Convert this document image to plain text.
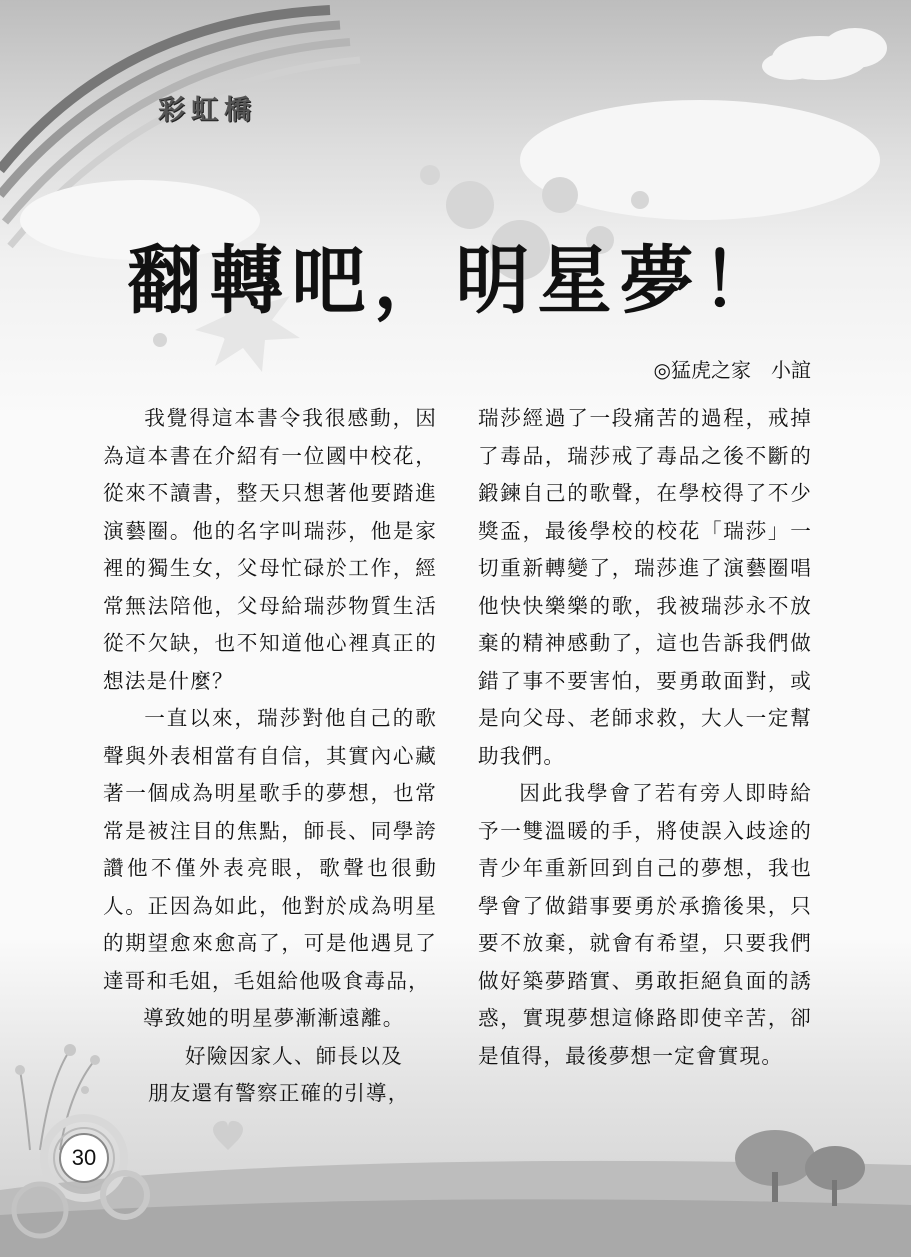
彩虹橋
翻轉吧，明星夢！
◎猛虎之家　小誼

我覺得這本書令我很感動，因為這本書在介紹有一位國中校花，從來不讀書，整天只想著他要踏進演藝圈。他的名字叫瑞莎，他是家裡的獨生女，父母忙碌於工作，經常無法陪他，父母給瑞莎物質生活從不欠缺，也不知道他心裡真正的想法是什麼？

一直以來，瑞莎對他自己的歌聲與外表相當有自信，其實內心藏著一個成為明星歌手的夢想，也常常是被注目的焦點，師長、同學誇讚他不僅外表亮眼，歌聲也很動人。正因為如此，他對於成為明星的期望愈來愈高了，可是他遇見了達哥和毛姐，毛姐給他吸食毒品，

導致她的明星夢漸漸遠離。

好險因家人、師長以及

朋友還有警察正確的引導，

瑞莎經過了一段痛苦的過程，戒掉了毒品，瑞莎戒了毒品之後不斷的鍛鍊自己的歌聲，在學校得了不少獎盃，最後學校的校花「瑞莎」一切重新轉變了，瑞莎進了演藝圈唱他快快樂樂的歌，我被瑞莎永不放棄的精神感動了，這也告訴我們做錯了事不要害怕，要勇敢面對，或是向父母、老師求救，大人一定幫助我們。

因此我學會了若有旁人即時給予一雙溫暖的手，將使誤入歧途的青少年重新回到自己的夢想，我也學會了做錯事要勇於承擔後果，只要不放棄，就會有希望，只要我們做好築夢踏實、勇敢拒絕負面的誘惑，實現夢想這條路即使辛苦，卻是值得，最後夢想一定會實現。

30
